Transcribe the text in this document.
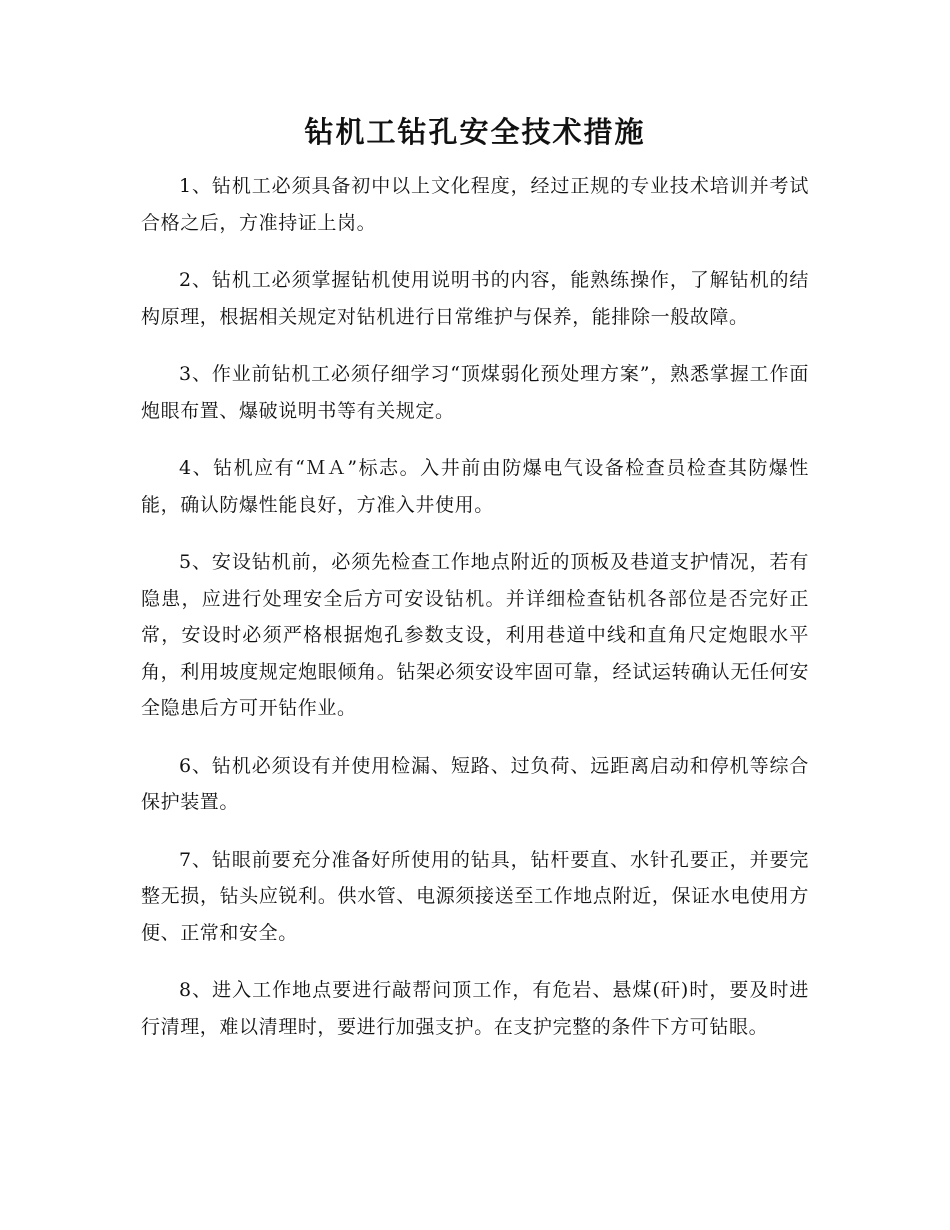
钻机工钻孔安全技术措施

1、钻机工必须具备初中以上文化程度，经过正规的专业技术培训并考试合格之后，方准持证上岗。

2、钻机工必须掌握钻机使用说明书的内容，能熟练操作，了解钻机的结构原理，根据相关规定对钻机进行日常维护与保养，能排除一般故障。

3、作业前钻机工必须仔细学习“顶煤弱化预处理方案”，熟悉掌握工作面炮眼布置、爆破说明书等有关规定。

4、钻机应有“ＭＡ”标志。入井前由防爆电气设备检查员检查其防爆性能，确认防爆性能良好，方准入井使用。

5、安设钻机前，必须先检查工作地点附近的顶板及巷道支护情况，若有隐患，应进行处理安全后方可安设钻机。并详细检查钻机各部位是否完好正常，安设时必须严格根据炮孔参数支设，利用巷道中线和直角尺定炮眼水平角，利用坡度规定炮眼倾角。钻架必须安设牢固可靠，经试运转确认无任何安全隐患后方可开钻作业。

6、钻机必须设有并使用检漏、短路、过负荷、远距离启动和停机等综合保护装置。

7、钻眼前要充分准备好所使用的钻具，钻杆要直、水针孔要正，并要完整无损，钻头应锐利。供水管、电源须接送至工作地点附近，保证水电使用方便、正常和安全。

8、进入工作地点要进行敲帮问顶工作，有危岩、悬煤(矸)时，要及时进行清理，难以清理时，要进行加强支护。在支护完整的条件下方可钻眼。
